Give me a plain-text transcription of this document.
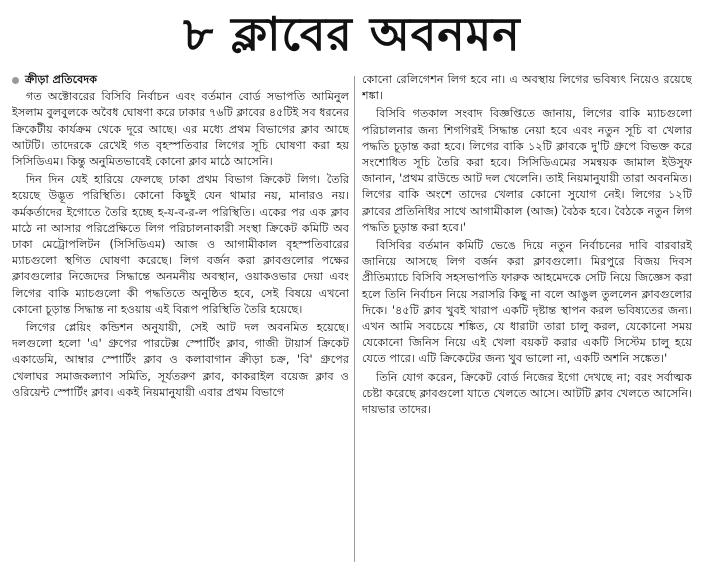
৮ ক্লাবের অবনমন
ক্রীড়া প্রতিবেদক

গত অক্টোবরের বিসিবি নির্বাচন এবং বর্তমান বোর্ড সভাপতি আমিনুল ইসলাম বুলবুলকে অবৈধ ঘোষণা করে ঢাকার ৭৬টি ক্লাবের ৪৫টিই সব ধরনের ক্রিকেটীয় কার্যক্রম থেকে দূরে আছে। এর মধ্যে প্রথম বিভাগের ক্লাব আছে আটটি। তাদেরকে রেখেই গত বৃহস্পতিবার লিগের সূচি ঘোষণা করা হয় সিসিডিএম। কিন্তু অনুমিতভাবেই কোনো ক্লাব মাঠে আসেনি।

দিন দিন যেই হারিয়ে ফেলছে ঢাকা প্রথম বিভাগ ক্রিকেট লিগ। তৈরি হয়েছে উদ্ভূত পরিস্থিতি। কোনো কিছুই যেন থামার নয়, মানারও নয়। কর্মকর্তাদের ইগোতে তৈরি হচ্ছে হ-য-ব-র-ল পরিস্থিতি। একের পর এক ক্লাব মাঠে না আসার পরিপ্রেক্ষিতে লিগ পরিচালনাকারী সংস্থা ক্রিকেট কমিটি অব ঢাকা মেট্রোপলিটন (সিসিডিএম) আজ ও আগামীকাল বৃহস্পতিবারের ম্যাচগুলো স্থগিত ঘোষণা করেছে। লিগ বর্জন করা ক্লাবগুলোর পক্ষের ক্লাবগুলোর নিজেদের সিদ্ধান্তে অনমনীয় অবস্থান, ওয়াকওভার দেয়া এবং লিগের বাকি ম্যাচগুলো কী পদ্ধতিতে অনুষ্ঠিত হবে, সেই বিষয়ে এখনো কোনো চূড়ান্ত সিদ্ধান্ত না হওয়ায় এই বিরূপ পরিস্থিতি তৈরি হয়েছে।

লিগের প্লেয়িং কন্ডিশন অনুযায়ী, সেই আট দল অবনমিত হয়েছে। দলগুলো হলো 'এ' গ্রুপের পারটেক্স স্পোর্টিং ক্লাব, গাজী টায়ার্স ক্রিকেট একাডেমি, আম্বার স্পোর্টিং ক্লাব ও কলাবাগান ক্রীড়া চক্র, 'বি' গ্রুপের খেলাঘর সমাজকল্যাণ সমিতি, সূর্যতরুণ ক্লাব, কাকরাইল বয়েজ ক্লাব ও ওরিয়েন্ট স্পোর্টিং ক্লাব। একই নিয়মানুযায়ী এবার প্রথম বিভাগে

কোনো রেলিগেশন লিগ হবে না। এ অবস্থায় লিগের ভবিষ্যৎ নিয়েও রয়েছে শঙ্কা।

বিসিবি গতকাল সংবাদ বিজ্ঞপ্তিতে জানায়, লিগের বাকি ম্যাচগুলো পরিচালনার জন্য শিগগিরই সিদ্ধান্ত নেয়া হবে এবং নতুন সূচি বা খেলার পদ্ধতি চূড়ান্ত করা হবে। লিগের বাকি ১২টি ক্লাবকে দু'টি গ্রুপে বিভক্ত করে সংশোধিত সূচি তৈরি করা হবে। সিসিডিএমের সমন্বয়ক জামাল ইউসুফ জানান, 'প্রথম রাউন্ডে আট দল খেলেনি। তাই নিয়মানুযায়ী তারা অবনমিত। লিগের বাকি অংশে তাদের খেলার কোনো সুযোগ নেই। লিগের ১২টি ক্লাবের প্রতিনিধির সাথে আগামীকাল (আজ) বৈঠক হবে। বৈঠকে নতুন লিগ পদ্ধতি চূড়ান্ত করা হবে।'

বিসিবির বর্তমান কমিটি ভেঙে দিয়ে নতুন নির্বাচনের দাবি বারবারই জানিয়ে আসছে লিগ বর্জন করা ক্লাবগুলো। মিরপুরে বিজয় দিবস প্রীতিম্যাচে বিসিবি সহসভাপতি ফারুক আহমেদকে সেটি নিয়ে জিজ্ঞেস করা হলে তিনি নির্বাচন নিয়ে সরাসরি কিছু না বলে আঙুল তুললেন ক্লাবগুলোর দিকে। '৪৫টি ক্লাব খুবই খারাপ একটি দৃষ্টান্ত স্থাপন করল ভবিষ্যতের জন্য। এখন আমি সবচেয়ে শঙ্কিত, যে ধারাটা তারা চালু করল, যেকোনো সময় যেকোনো জিনিস নিয়ে এই খেলা বয়কট করার একটি সিস্টেম চালু হয়ে যেতে পারে। এটি ক্রিকেটের জন্য খুব ভালো না, একটি অশনি সঙ্কেত।'

তিনি যোগ করেন, ক্রিকেট বোর্ড নিজের ইগো দেখছে না; বরং সর্বাত্মক চেষ্টা করেছে ক্লাবগুলো যাতে খেলতে আসে। আটটি ক্লাব খেলতে আসেনি। দায়ভার তাদের।
